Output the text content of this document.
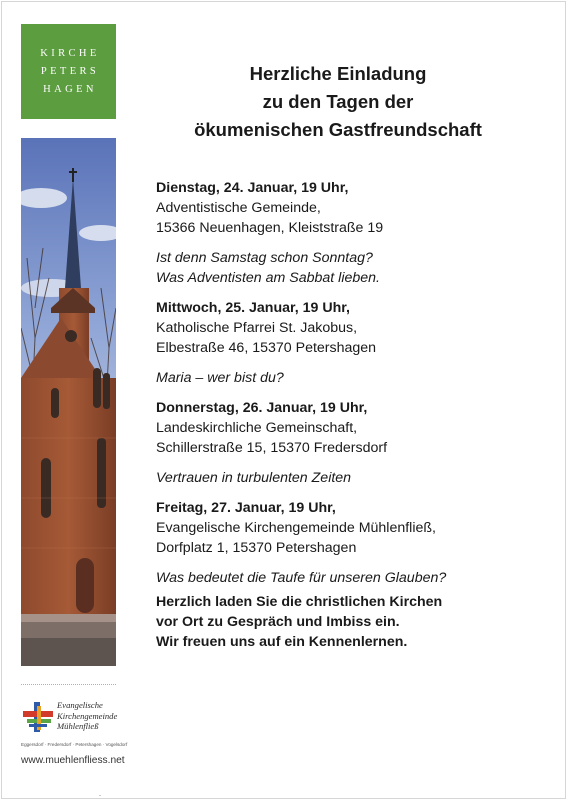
KIRCHE
PETERS
HAGEN
Evangelische
Kirchengemeinde
Mühlenfließ
Eggersdorf · Fredersdorf · Petershagen · Vogelsdorf
www.muehlenfliess.net
Herzliche Einladung
zu den Tagen der
ökumenischen Gastfreundschaft
Dienstag, 24. Januar, 19 Uhr,
Adventistische Gemeinde,
15366 Neuenhagen, Kleiststraße 19
Ist denn Samstag schon Sonntag?
Was Adventisten am Sabbat lieben.
Mittwoch, 25. Januar, 19 Uhr,
Katholische Pfarrei St. Jakobus,
Elbestraße 46, 15370 Petershagen
Maria – wer bist du?
Donnerstag, 26. Januar, 19 Uhr,
Landeskirchliche Gemeinschaft,
Schillerstraße 15, 15370 Fredersdorf
Vertrauen in turbulenten Zeiten
Freitag, 27. Januar, 19 Uhr,
Evangelische Kirchengemeinde Mühlenfließ,
Dorfplatz 1, 15370 Petershagen
Was bedeutet die Taufe für unseren Glauben?
Herzlich laden Sie die christlichen Kirchen
vor Ort zu Gespräch und Imbiss ein.
Wir freuen uns auf ein Kennenlernen.
-
